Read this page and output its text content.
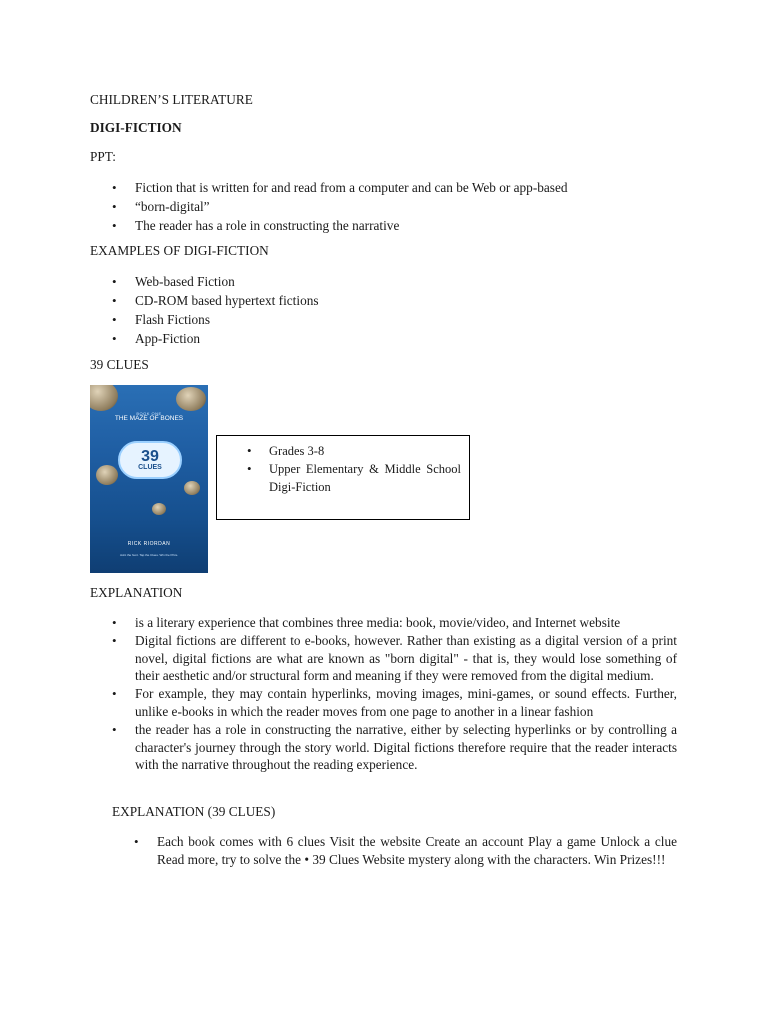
CHILDREN’S LITERATURE
DIGI-FICTION
PPT:
• Fiction that is written for and read from a computer and can be Web or app-based
• “born-digital”
• The reader has a role in constructing the narrative
EXAMPLES OF DIGI-FICTION
• Web-based Fiction
• CD-ROM based hypertext fictions
• Flash Fictions
• App-Fiction
39 CLUES
BOOK ONE
THE MAZE OF BONES
39
CLUES
RICK RIORDAN
Joint the hunt. Tap the Clues. Win the Prize.
• Grades 3-8
• Upper Elementary & Middle School Digi-Fiction
EXPLANATION
• is a literary experience that combines three media: book, movie/video, and Internet website
• Digital fictions are different to e-books, however. Rather than existing as a digital version of a print novel, digital fictions are what are known as "born digital" - that is, they would lose something of their aesthetic and/or structural form and meaning if they were removed from the digital medium.
• For example, they may contain hyperlinks, moving images, mini-games, or sound effects. Further, unlike e-books in which the reader moves from one page to another in a linear fashion
• the reader has a role in constructing the narrative, either by selecting hyperlinks or by controlling a character's journey through the story world. Digital fictions therefore require that the reader interacts with the narrative throughout the reading experience.
EXPLANATION (39 CLUES)
• Each book comes with 6 clues Visit the website Create an account Play a game Unlock a clue Read more, try to solve the • 39 Clues Website mystery along with the characters. Win Prizes!!!
